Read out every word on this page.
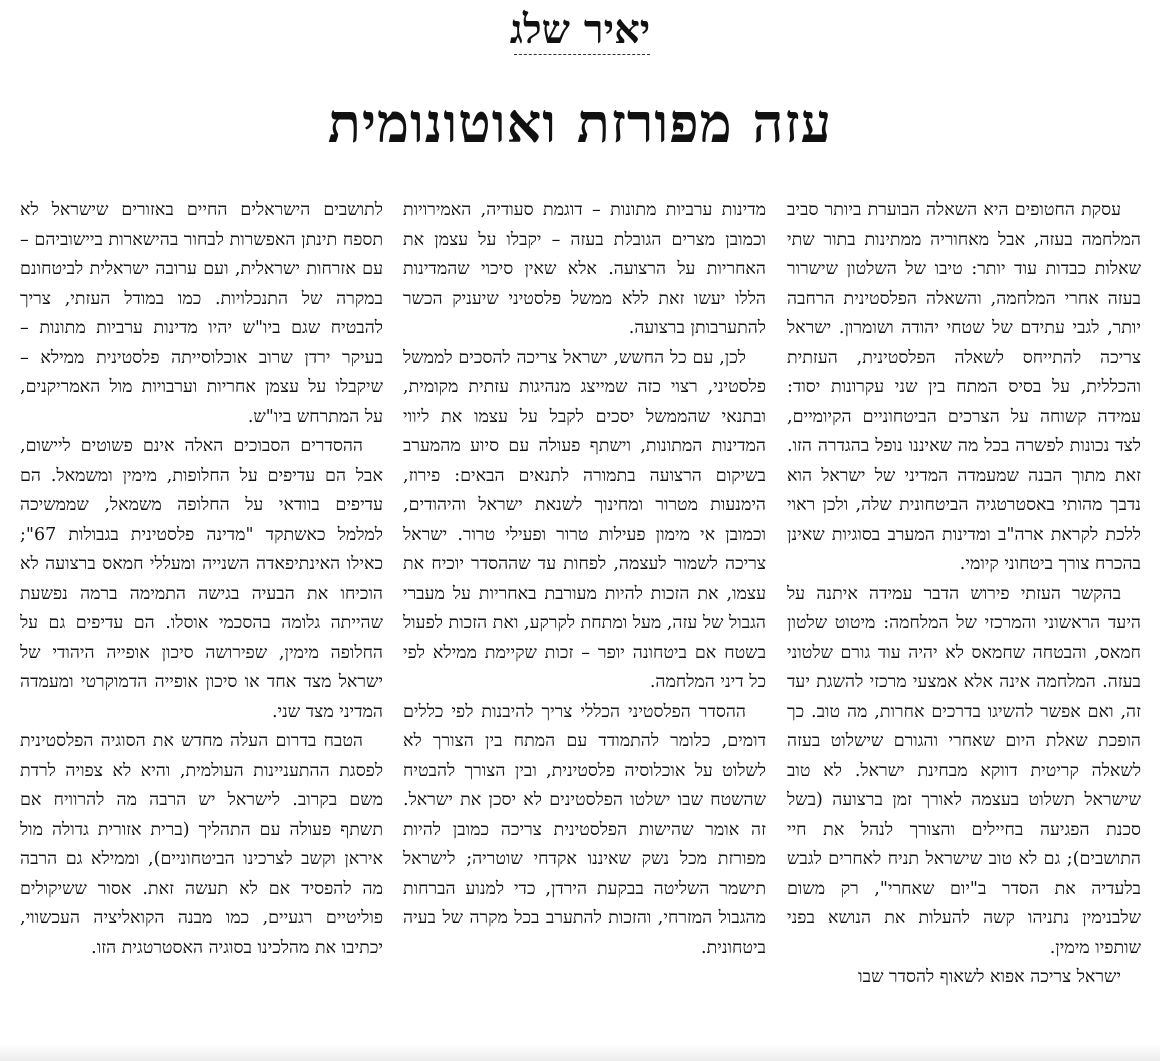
יאיר שלג
עזה מפורזת ואוטונומית

עסקת החטופים היא השאלה הבוערת ביותר סביב המלחמה בעזה, אבל מאחוריה ממתינות בתור שתי שאלות כבדות עוד יותר: טיבו של השלטון שישרור בעזה אחרי המלחמה, והשאלה הפלסטינית הרחבה יותר, לגבי עתידם של שטחי יהודה ושומרון. ישראל צריכה להתייחס לשאלה הפלסטינית, העזתית והכללית, על בסיס המתח בין שני עקרונות יסוד: עמידה קשוחה על הצרכים הביטחוניים הקיומיים, לצד נכונות לפשרה בכל מה שאיננו נופל בהגדרה הזו. זאת מתוך הבנה שמעמדה המדיני של ישראל הוא נדבך מהותי באסטרטגיה הביטחונית שלה, ולכן ראוי ללכת לקראת ארה"ב ומדינות המערב בסוגיות שאינן בהכרח צורך ביטחוני קיומי.

בהקשר העזתי פירוש הדבר עמידה איתנה על היעד הראשוני והמרכזי של המלחמה: מיטוט שלטון חמאס, והבטחה שחמאס לא יהיה עוד גורם שלטוני בעזה. המלחמה אינה אלא אמצעי מרכזי להשגת יעד זה, ואם אפשר להשיגו בדרכים אחרות, מה טוב. כך הופכת שאלת היום שאחרי והגורם שישלוט בעזה לשאלה קריטית דווקא מבחינת ישראל. לא טוב שישראל תשלוט בעצמה לאורך זמן ברצועה (בשל סכנת הפגיעה בחיילים והצורך לנהל את חיי התושבים); גם לא טוב שישראל תניח לאחרים לגבש בלעדיה את הסדר ב"יום שאחרי", רק משום שלבנימין נתניהו קשה להעלות את הנושא בפני שותפיו מימין.

ישראל צריכה אפוא לשאוף להסדר שבו

מדינות ערביות מתונות – דוגמת סעודיה, האמירויות וכמובן מצרים הגובלת בעזה – יקבלו על עצמן את האחריות על הרצועה. אלא שאין סיכוי שהמדינות הללו יעשו זאת ללא ממשל פלסטיני שיעניק הכשר להתערבותן ברצועה.

לכן, עם כל החשש, ישראל צריכה להסכים לממשל פלסטיני, רצוי כזה שמייצג מנהיגות עזתית מקומית, ובתנאי שהממשל יסכים לקבל על עצמו את ליווי המדינות המתונות, וישתף פעולה עם סיוע מהמערב בשיקום הרצועה בתמורה לתנאים הבאים: פירוז, הימנעות מטרור ומחינוך לשנאת ישראל והיהודים, וכמובן אי מימון פעילות טרור ופעילי טרור. ישראל צריכה לשמור לעצמה, לפחות עד שההסדר יוכיח את עצמו, את הזכות להיות מעורבת באחריות על מעברי הגבול של עזה, מעל ומתחת לקרקע, ואת הזכות לפעול בשטח אם ביטחונה יופר – זכות שקיימת ממילא לפי כל דיני המלחמה.

ההסדר הפלסטיני הכללי צריך להיבנות לפי כללים דומים, כלומר להתמודד עם המתח בין הצורך לא לשלוט על אוכלוסיה פלסטינית, ובין הצורך להבטיח שהשטח שבו ישלטו הפלסטינים לא יסכן את ישראל. זה אומר שהישות הפלסטינית צריכה כמובן להיות מפורזת מכל נשק שאיננו אקדחי שוטריה; לישראל תישמר השליטה בבקעת הירדן, כדי למנוע הברחות מהגבול המזרחי, והזכות להתערב בכל מקרה של בעיה ביטחונית.

לתושבים הישראלים החיים באזורים שישראל לא תספח תינתן האפשרות לבחור בהישארות ביישוביהם – עם אזרחות ישראלית, ועם ערובה ישראלית לביטחונם במקרה של התנכלויות. כמו במודל העזתי, צריך להבטיח שגם ביו"ש יהיו מדינות ערביות מתונות – בעיקר ירדן שרוב אוכלוסייתה פלסטינית ממילא – שיקבלו על עצמן אחריות וערבויות מול האמריקנים, על המתרחש ביו"ש.

ההסדרים הסבוכים האלה אינם פשוטים ליישום, אבל הם עדיפים על החלופות, מימין ומשמאל. הם עדיפים בוודאי על החלופה משמאל, שממשיכה למלמל כאשתקד "מדינה פלסטינית בגבולות 67"; כאילו האינתיפאדה השנייה ומעללי חמאס ברצועה לא הוכיחו את הבעיה בגישה התמימה ברמה נפשעת שהייתה גלומה בהסכמי אוסלו. הם עדיפים גם על החלופה מימין, שפירושה סיכון אופייה היהודי של ישראל מצד אחד או סיכון אופייה הדמוקרטי ומעמדה המדיני מצד שני.

הטבח בדרום העלה מחדש את הסוגיה הפלסטינית לפסגת ההתעניינות העולמית, והיא לא צפויה לרדת משם בקרוב. לישראל יש הרבה מה להרוויח אם תשתף פעולה עם התהליך (ברית אזורית גדולה מול איראן וקשב לצרכינו הביטחוניים), וממילא גם הרבה מה להפסיד אם לא תעשה זאת. אסור ששיקולים פוליטיים רגעיים, כמו מבנה הקואליציה העכשווי, יכתיבו את מהלכינו בסוגיה האסטרטגית הזו.
